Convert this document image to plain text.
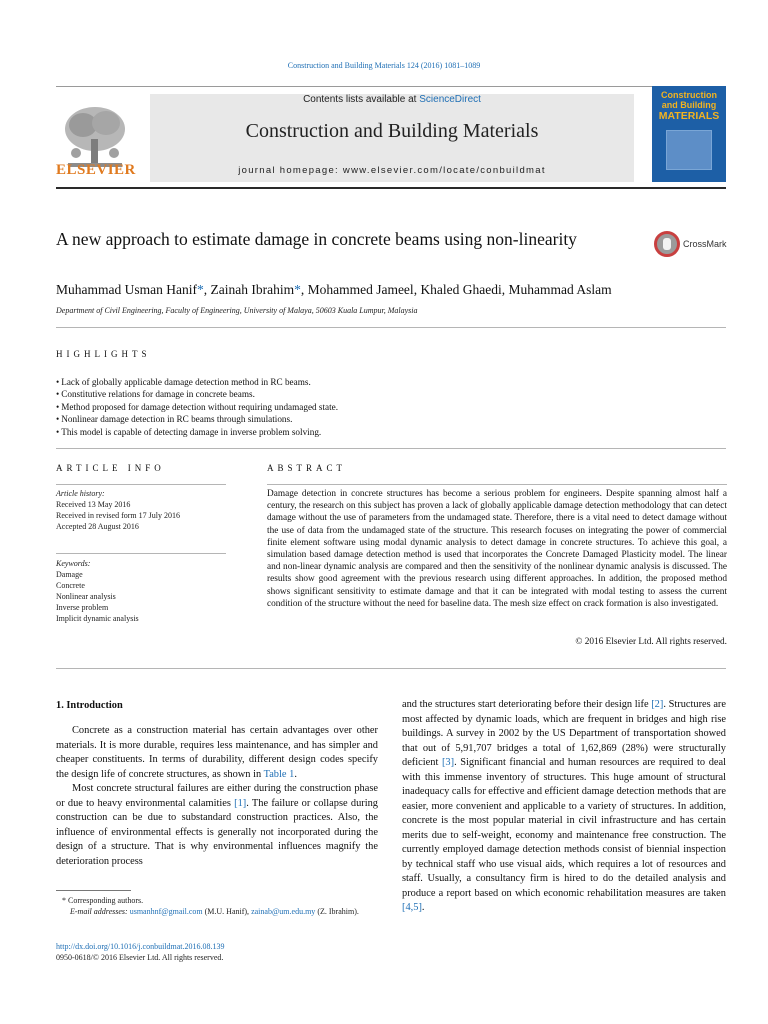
Construction and Building Materials 124 (2016) 1081–1089
ELSEVIER
Contents lists available at ScienceDirect
Construction and Building Materials
journal homepage: www.elsevier.com/locate/conbuildmat
Construction
and Building
MATERIALS
A new approach to estimate damage in concrete beams using non-linearity	CrossMark
Muhammad Usman Hanif*, Zainah Ibrahim*, Mohammed Jameel, Khaled Ghaedi, Muhammad Aslam
Department of Civil Engineering, Faculty of Engineering, University of Malaya, 50603 Kuala Lumpur, Malaysia
HIGHLIGHTS
• Lack of globally applicable damage detection method in RC beams.
• Constitutive relations for damage in concrete beams.
• Method proposed for damage detection without requiring undamaged state.
• Nonlinear damage detection in RC beams through simulations.
• This model is capable of detecting damage in inverse problem solving.
ARTICLE INFO
Article history:
Received 13 May 2016
Received in revised form 17 July 2016
Accepted 28 August 2016
Keywords:
Damage
Concrete
Nonlinear analysis
Inverse problem
Implicit dynamic analysis
ABSTRACT
Damage detection in concrete structures has become a serious problem for engineers. Despite spanning almost half a century, the research on this subject has proven a lack of globally applicable damage detection methodology that can detect damage without the use of parameters from the undamaged state. Therefore, there is a vital need to detect damage without the use of data from the undamaged state of the structure. This research focuses on integrating the power of commercial finite element software using modal dynamic analysis to detect damage in concrete structures. To achieve this goal, a simulation based damage detection method is used that incorporates the Concrete Damaged Plasticity model. The linear and non-linear dynamic analysis are compared and then the sensitivity of the nonlinear dynamic analysis is discussed. The results show good agreement with the previous research using different approaches. In addition, the proposed method shows significant sensitivity to estimate damage and that it can be integrated with modal testing to assess the current condition of the structure without the need for baseline data. The mesh size effect on crack formation is also investigated.
© 2016 Elsevier Ltd. All rights reserved.
1. Introduction

Concrete as a construction material has certain advantages over other materials. It is more durable, requires less maintenance, and has simpler and cheaper constituents. In terms of durability, different design codes specify the design life of concrete structures, as shown in Table 1.

Most concrete structural failures are either during the construction phase or due to heavy environmental calamities [1]. The failure or collapse during construction can be due to substandard construction practices. Also, the influence of environmental effects is generally not incorporated during the design of a structure. That is why environmental influences magnify the deterioration process

and the structures start deteriorating before their design life [2]. Structures are most affected by dynamic loads, which are frequent in bridges and high rise buildings. A survey in 2002 by the US Department of transportation showed that out of 5,91,707 bridges a total of 1,62,869 (28%) were structurally deficient [3]. Significant financial and human resources are required to deal with this immense inventory of structures. This huge amount of structural inadequacy calls for effective and efficient damage detection methods that are easier, more convenient and applicable to a variety of structures. In addition, concrete is the most popular material in civil infrastructure and has certain merits due to self-weight, economy and maintenance free construction. The currently employed damage detection methods consist of biennial inspection by technical staff who use visual aids, which requires a lot of resources and staff. Usually, a consultancy firm is hired to do the detailed analysis and produce a report based on which economic rehabilitation measures are taken [4,5].

* Corresponding authors.
E-mail addresses: usmanhnf@gmail.com (M.U. Hanif), zainab@um.edu.my (Z. Ibrahim).
http://dx.doi.org/10.1016/j.conbuildmat.2016.08.139
0950-0618/© 2016 Elsevier Ltd. All rights reserved.
